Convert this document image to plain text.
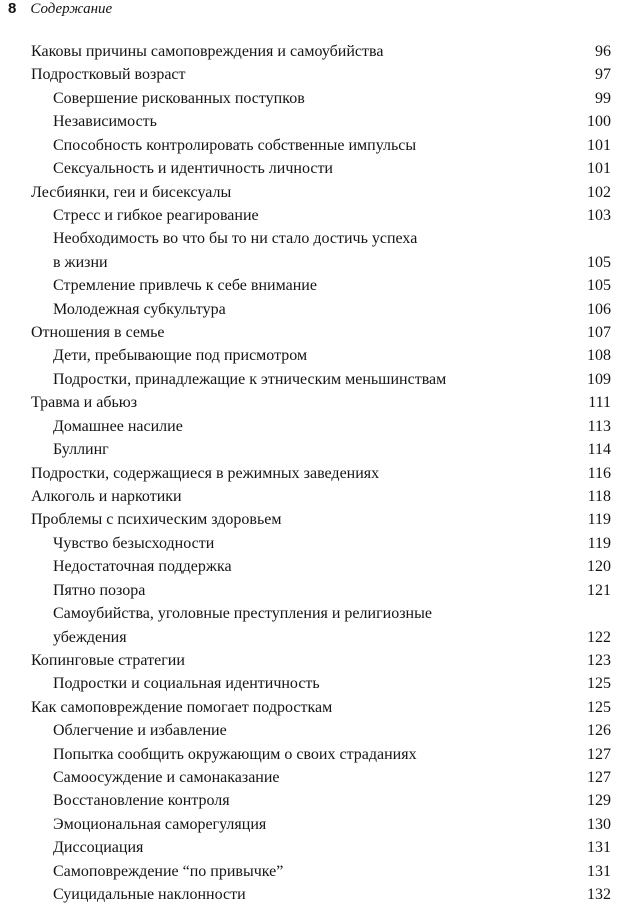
8 Содержание
Каковы причины самоповреждения и самоубийства	96
Подростковый возраст	97
Совершение рискованных поступков	99
Независимость	100
Способность контролировать собственные импульсы	101
Сексуальность и идентичность личности	101
Лесбиянки, геи и бисексуалы	102
Стресс и гибкое реагирование	103
Необходимость во что бы то ни стало достичь успеха
в жизни	105
Стремление привлечь к себе внимание	105
Молодежная субкультура	106
Отношения в семье	107
Дети, пребывающие под присмотром	108
Подростки, принадлежащие к этническим меньшинствам	109
Травма и абьюз	111
Домашнее насилие	113
Буллинг	114
Подростки, содержащиеся в режимных заведениях	116
Алкоголь и наркотики	118
Проблемы с психическим здоровьем	119
Чувство безысходности	119
Недостаточная поддержка	120
Пятно позора	121
Самоубийства, уголовные преступления и религиозные
убеждения	122
Копинговые стратегии	123
Подростки и социальная идентичность	125
Как самоповреждение помогает подросткам	125
Облегчение и избавление	126
Попытка сообщить окружающим о своих страданиях	127
Самоосуждение и самонаказание	127
Восстановление контроля	129
Эмоциональная саморегуляция	130
Диссоциация	131
Самоповреждение “по привычке”	131
Суицидальные наклонности	132
